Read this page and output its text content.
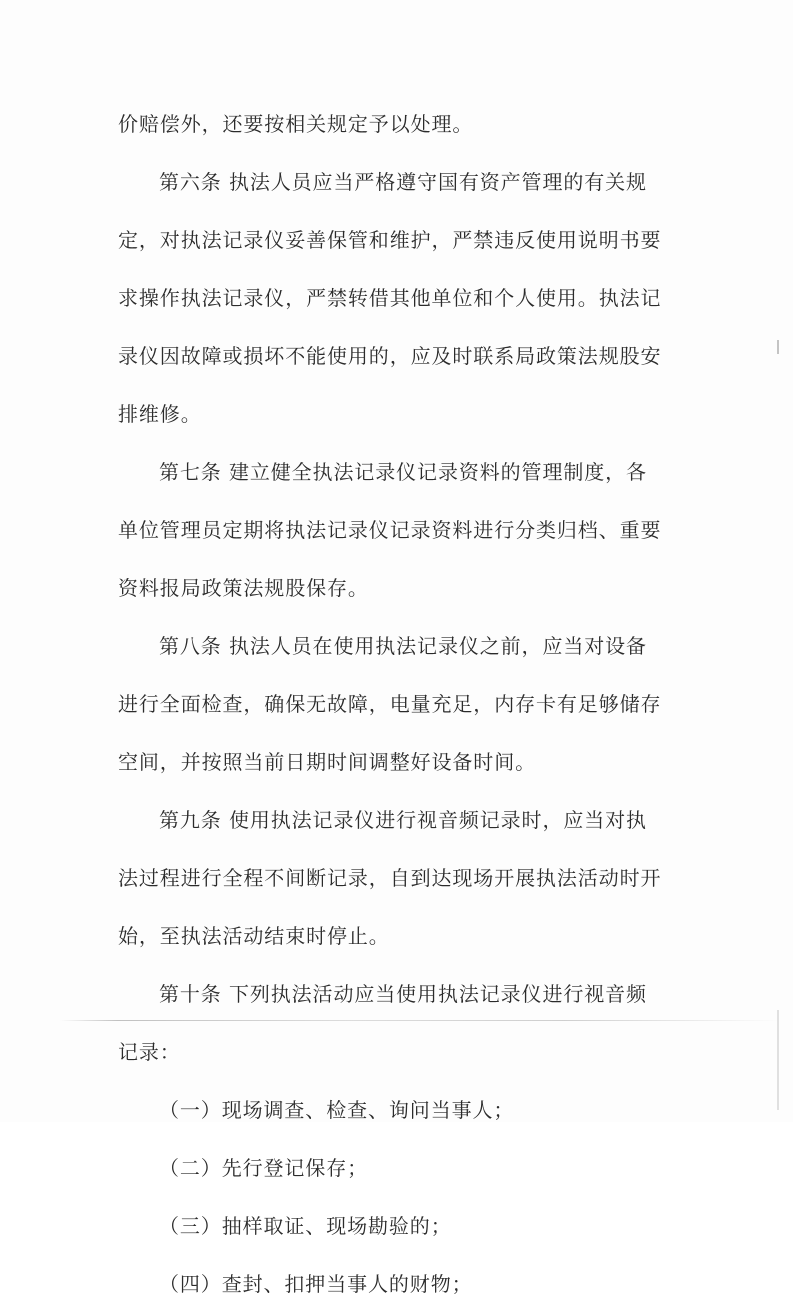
价赔偿外，还要按相关规定予以处理。
第六条 执法人员应当严格遵守国有资产管理的有关规
定，对执法记录仪妥善保管和维护，严禁违反使用说明书要
求操作执法记录仪，严禁转借其他单位和个人使用。执法记
录仪因故障或损坏不能使用的，应及时联系局政策法规股安
排维修。
第七条 建立健全执法记录仪记录资料的管理制度，各
单位管理员定期将执法记录仪记录资料进行分类归档、重要
资料报局政策法规股保存。
第八条 执法人员在使用执法记录仪之前，应当对设备
进行全面检查，确保无故障，电量充足，内存卡有足够储存
空间，并按照当前日期时间调整好设备时间。
第九条 使用执法记录仪进行视音频记录时，应当对执
法过程进行全程不间断记录，自到达现场开展执法活动时开
始，至执法活动结束时停止。
第十条 下列执法活动应当使用执法记录仪进行视音频
记录：
（一）现场调查、检查、询问当事人；
（二）先行登记保存；
（三）抽样取证、现场勘验的；
（四）查封、扣押当事人的财物；
